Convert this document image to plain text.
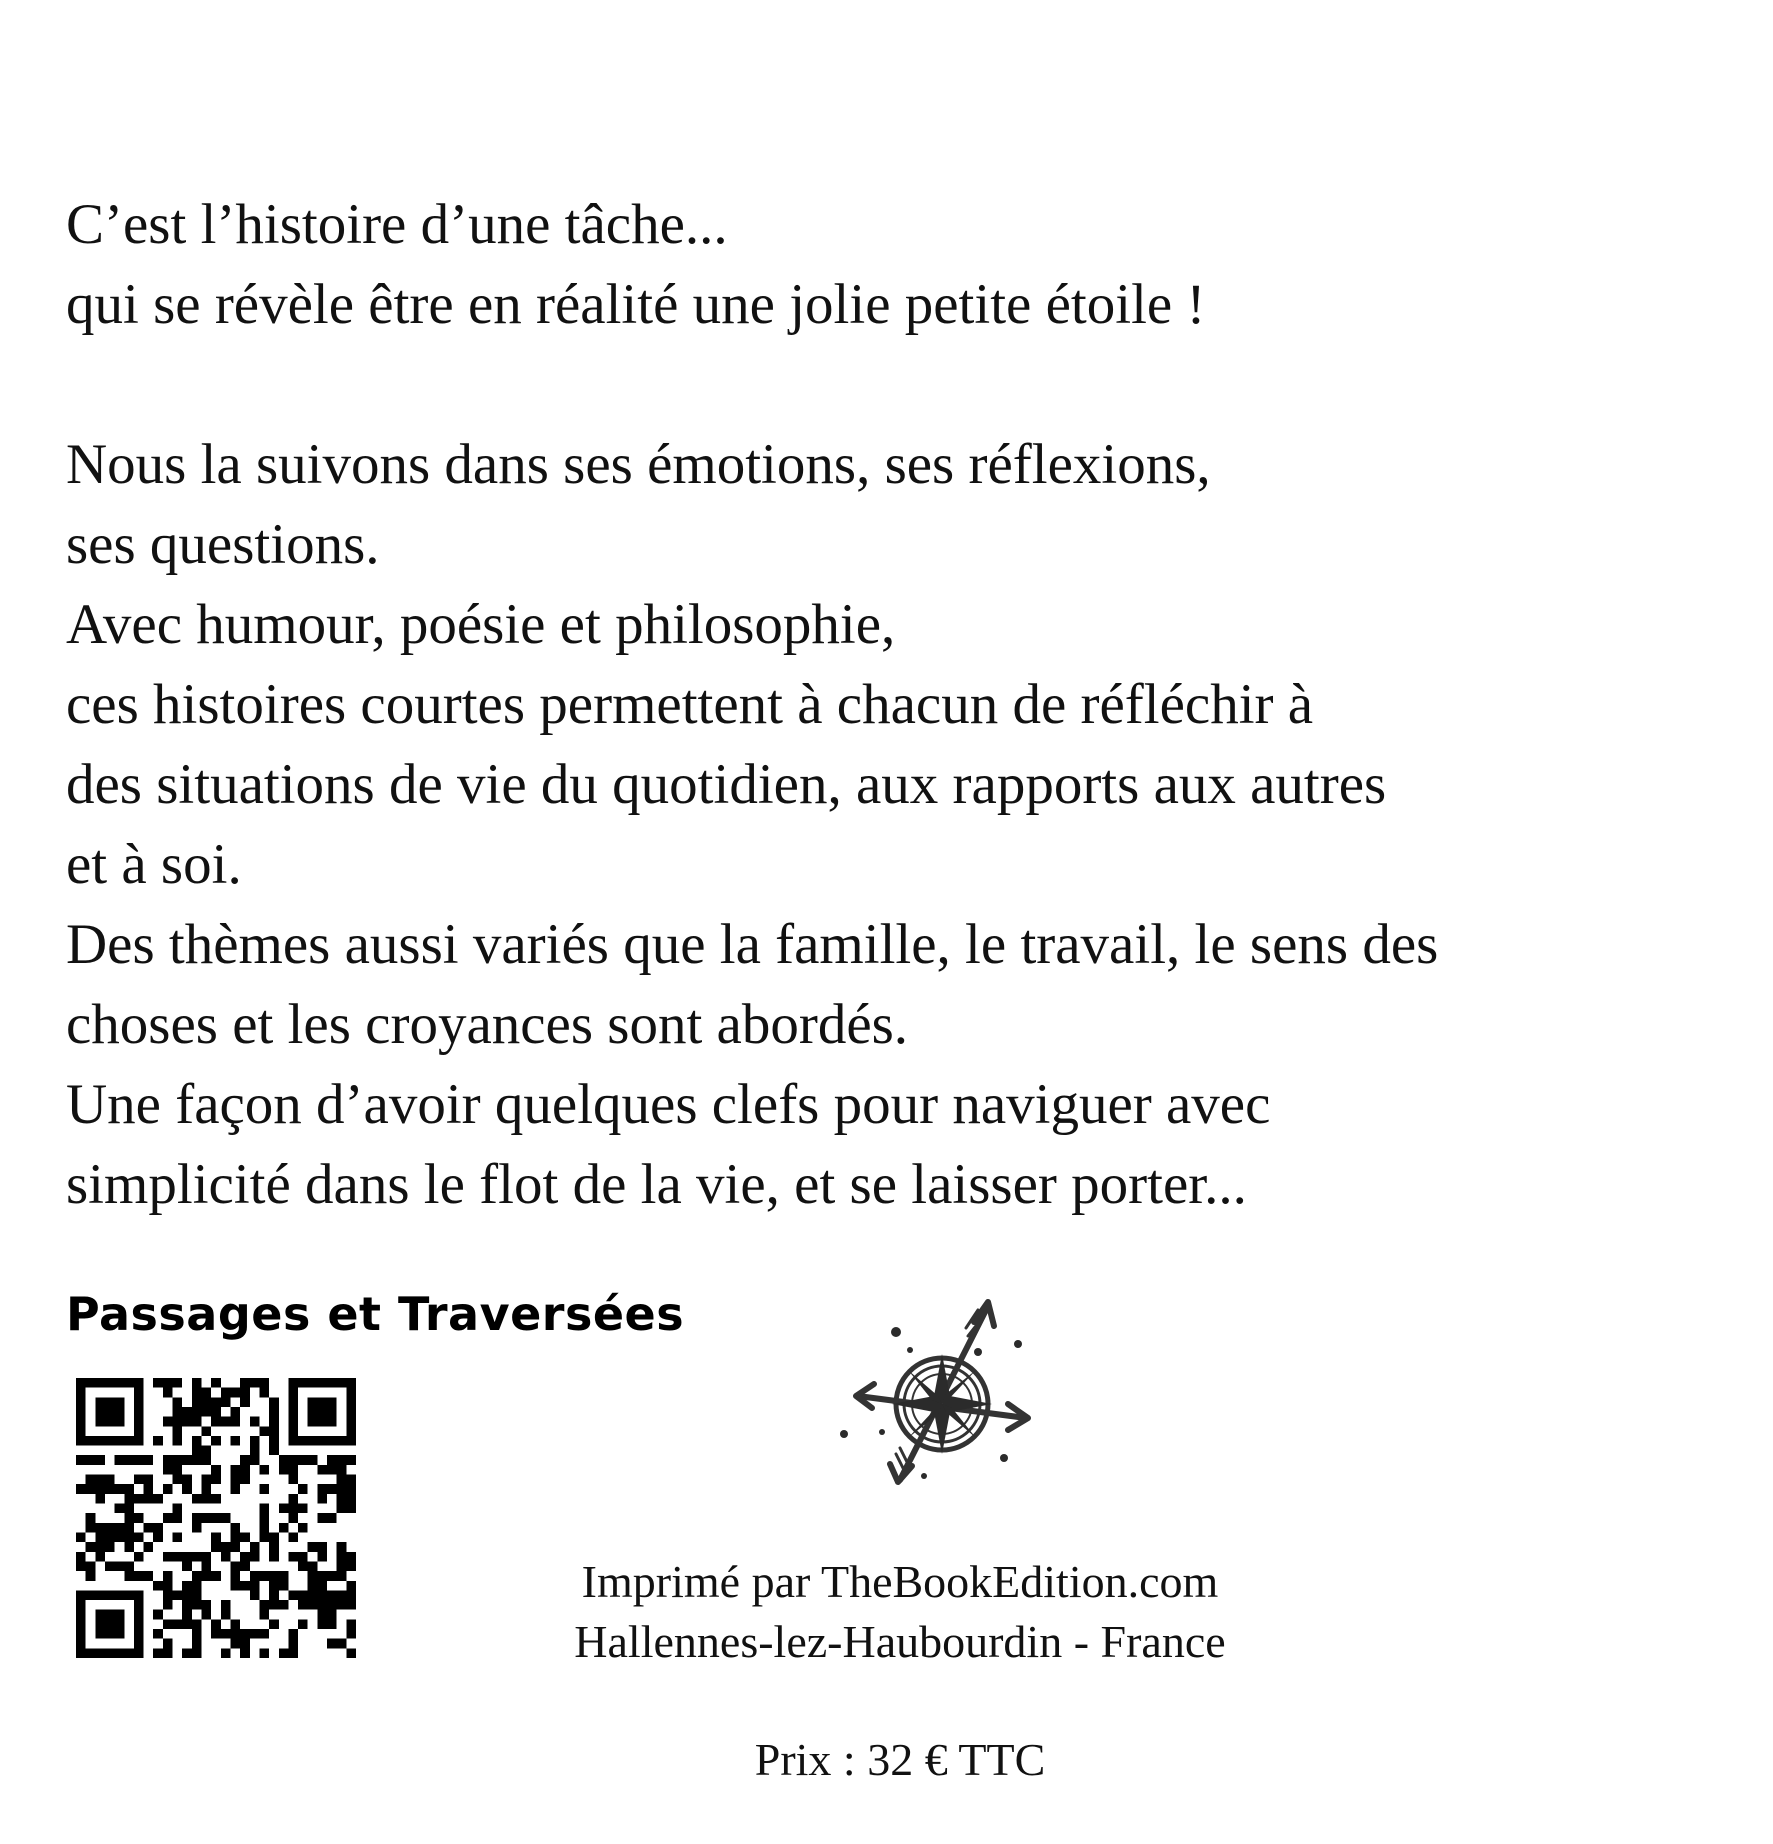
C’est l’histoire d’une tâche...
qui se révèle être en réalité une jolie petite étoile !
Nous la suivons dans ses émotions, ses réflexions,
ses questions.
Avec humour, poésie et philosophie,
ces histoires courtes permettent à chacun de réfléchir à
des situations de vie du quotidien, aux rapports aux autres
et à soi.
Des thèmes aussi variés que la famille, le travail, le sens des
choses et les croyances sont abordés.
Une façon d’avoir quelques clefs pour naviguer avec
simplicité dans le flot de la vie, et se laisser porter...
Passages et Traversées
Imprimé par TheBookEdition.com
Hallennes-lez-Haubourdin - France
Prix : 32 € TTC
